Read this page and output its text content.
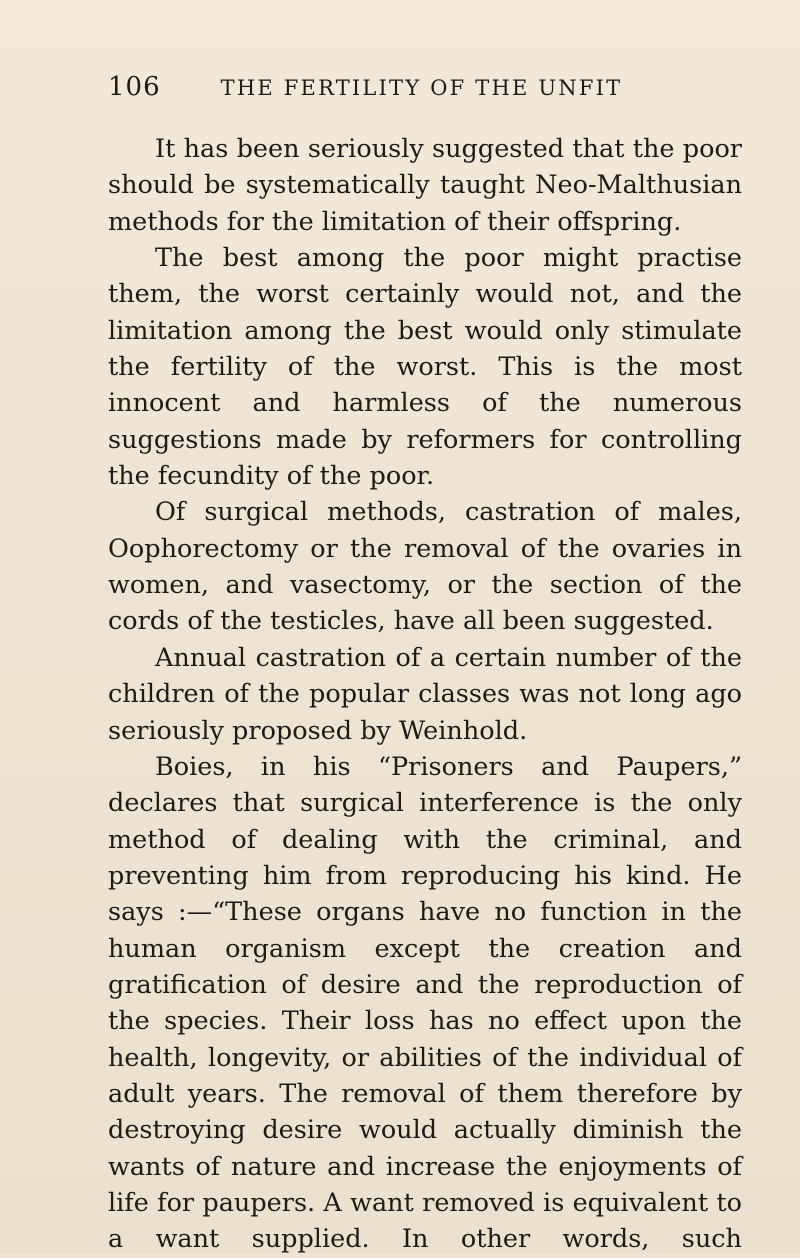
106	THE FERTILITY OF THE UNFIT

It has been seriously suggested that the poor should be systematically taught Neo-Malthusian methods for the limitation of their offspring.

The best among the poor might practise them, the worst certainly would not, and the limitation among the best would only stimulate the fertility of the worst. This is the most innocent and harmless of the numerous suggestions made by reformers for controlling the fecundity of the poor.

Of surgical methods, castration of males, Oophorectomy or the removal of the ovaries in women, and vasectomy, or the section of the cords of the testicles, have all been suggested.

Annual castration of a certain number of the children of the popular classes was not long ago seriously proposed by Weinhold.

Boies, in his “Prisoners and Paupers,” declares that surgical interference is the only method of dealing with the criminal, and preventing him from reproducing his kind. He says :—“These organs have no function in the human organism except the creation and gratification of desire and the reproduction of the species. Their loss has no effect upon the health, longevity, or abilities of the individual of adult years. The removal of them therefore by destroying desire would actually diminish the wants of nature and increase the enjoyments of life for paupers. A want removed is equivalent to a want supplied. In other words, such
